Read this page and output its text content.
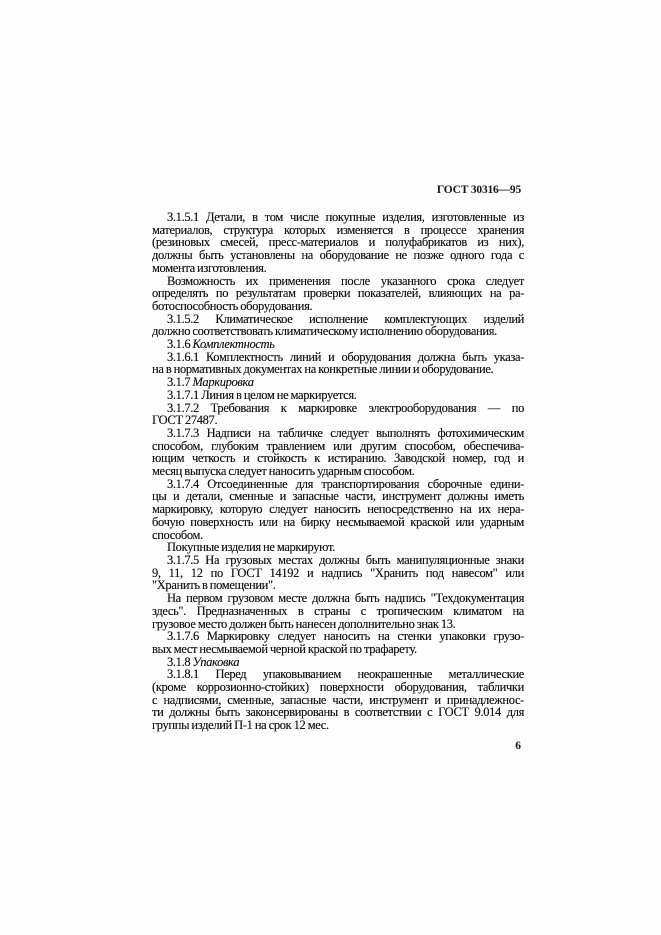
ГОСТ 30316—95
3.1.5.1 Детали, в том числе покупные изделия, изготовленные из
материалов, структура которых изменяется в процессе хранения
(резиновых смесей, пресс-материалов и полуфабрикатов из них),
должны быть установлены на оборудование не позже одного года с
момента изготовления.
Возможность их применения после указанного срока следует
определять по результатам проверки показателей, влияющих на ра-
ботоспособность оборудования.
3.1.5.2 Климатическое исполнение комплектующих изделий
должно соответствовать климатическому исполнению оборудования.
3.1.6 Комплектность
3.1.6.1 Комплектность линий и оборудования должна быть указа-
на в нормативных документах на конкретные линии и оборудование.
3.1.7 Маркировка
3.1.7.1 Линия в целом не маркируется.
3.1.7.2 Требования к маркировке электрооборудования — по
ГОСТ 27487.
3.1.7.3 Надписи на табличке следует выполнять фотохимическим
способом, глубоким травлением или другим способом, обеспечива-
ющим четкость и стойкость к истиранию. Заводской номер, год и
месяц выпуска следует наносить ударным способом.
3.1.7.4 Отсоединенные для транспортирования сборочные едини-
цы и детали, сменные и запасные части, инструмент должны иметь
маркировку, которую следует наносить непосредственно на их нера-
бочую поверхность или на бирку несмываемой краской или ударным
способом.
Покупные изделия не маркируют.
3.1.7.5 На грузовых местах должны быть манипуляционные знаки
9, 11, 12 по ГОСТ 14192 и надпись "Хранить под навесом" или
"Хранить в помещении".
На первом грузовом месте должна быть надпись "Техдокументация
здесь". Предназначенных в страны с тропическим климатом на
грузовое место должен быть нанесен дополнительно знак 13.
3.1.7.6 Маркировку следует наносить на стенки упаковки грузо-
вых мест несмываемой черной краской по трафарету.
3.1.8 Упаковка
3.1.8.1 Перед упаковыванием неокрашенные металлические
(кроме коррозионно-стойких) поверхности оборудования, таблички
с надписями, сменные, запасные части, инструмент и принадлежнос-
ти должны быть законсервированы в соответствии с ГОСТ 9.014 для
группы изделий П-1 на срок 12 мес.
6
